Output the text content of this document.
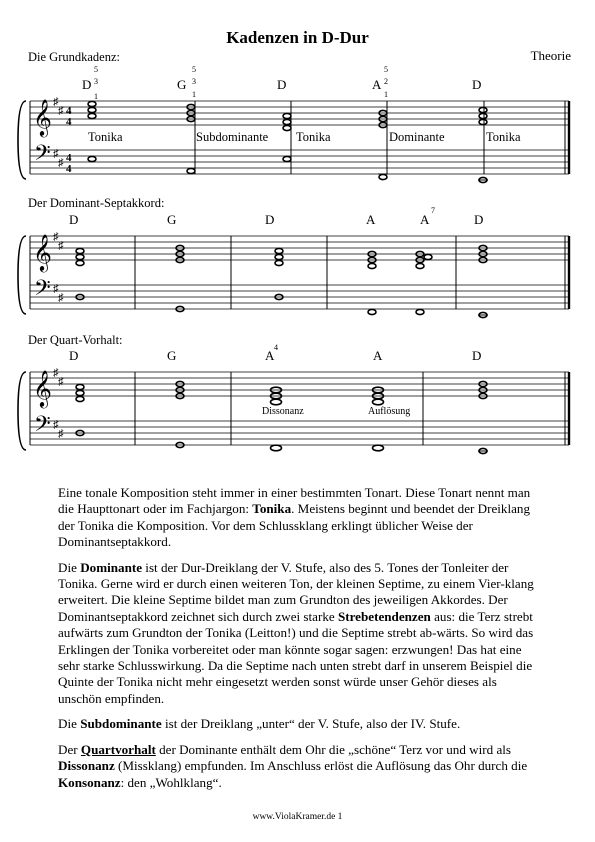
Kadenzen in D-Dur
Theorie
Die Grundkadenz:
D
5
3
1
G
5
3
1
D	A
5
2
1
D
𝄞
𝄢
♯
♯
♯
♯
4
4
4
4
Tonika	Subdominante Tonika	Dominante	Tonika
Der Dominant-Septakkord:
D	G	D	A	A
7
D
𝄞
𝄢
♯
♯
♯
♯
Der Quart-Vorhalt:
D	G	A
4
A	D
𝄞
𝄢
♯
♯
♯
♯
Dissonanz	Auflösung

Eine tonale Komposition steht immer in einer bestimmten Tonart. Diese Tonart nennt man die Haupttonart oder im Fachjargon: Tonika. Meistens beginnt und beendet der Dreiklang der Tonika die Komposition. Vor dem Schlussklang erklingt üblicher Weise der Dominantseptakkord.

Die Dominante ist der Dur-Dreiklang der V. Stufe, also des 5. Tones der Tonleiter der Tonika. Gerne wird er durch einen weiteren Ton, der kleinen Septime, zu einem Vier-klang erweitert. Die kleine Septime bildet man zum Grundton des jeweiligen Akkordes. Der Dominantseptakkord zeichnet sich durch zwei starke Strebetendenzen aus: die Terz strebt aufwärts zum Grundton der Tonika (Leitton!) und die Septime strebt ab-wärts. So wird das Erklingen der Tonika vorbereitet oder man könnte sogar sagen: erzwungen! Das hat eine sehr starke Schlusswirkung. Da die Septime nach unten strebt darf in unserem Beispiel die Quinte der Tonika nicht mehr eingesetzt werden sonst würde unser Gehör dieses als unschön empfinden.

Die Subdominante ist der Dreiklang „unter“ der V. Stufe, also der IV. Stufe.

Der Quartvorhalt der Dominante enthält dem Ohr die „schöne“ Terz vor und wird als Dissonanz (Missklang) empfunden. Im Anschluss erlöst die Auflösung das Ohr durch die Konsonanz: den „Wohlklang“.

www.ViolaKramer.de 1
